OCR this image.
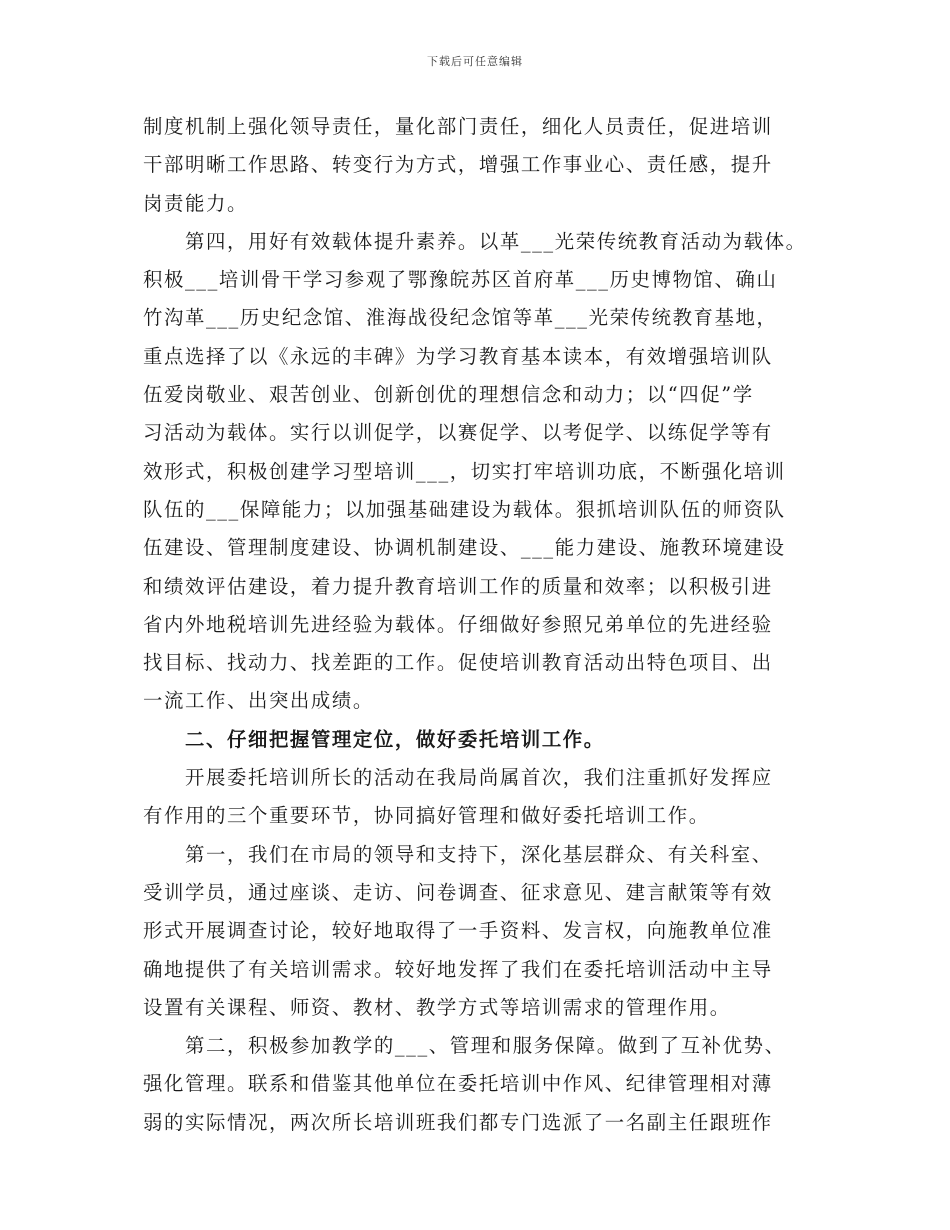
下载后可任意编辑

制度机制上强化领导责任，量化部门责任，细化人员责任，促进培训
干部明晰工作思路、转变行为方式，增强工作事业心、责任感，提升
岗责能力。

　　第四，用好有效载体提升素养。以革___光荣传统教育活动为载体。
积极___培训骨干学习参观了鄂豫皖苏区首府革___历史博物馆、确山
竹沟革___历史纪念馆、淮海战役纪念馆等革___光荣传统教育基地，
重点选择了以《永远的丰碑》为学习教育基本读本，有效增强培训队
伍爱岗敬业、艰苦创业、创新创优的理想信念和动力；以“四促”学
习活动为载体。实行以训促学，以赛促学、以考促学、以练促学等有
效形式，积极创建学习型培训___，切实打牢培训功底，不断强化培训
队伍的___保障能力；以加强基础建设为载体。狠抓培训队伍的师资队
伍建设、管理制度建设、协调机制建设、___能力建设、施教环境建设
和绩效评估建设，着力提升教育培训工作的质量和效率；以积极引进
省内外地税培训先进经验为载体。仔细做好参照兄弟单位的先进经验
找目标、找动力、找差距的工作。促使培训教育活动出特色项目、出
一流工作、出突出成绩。

　　二、仔细把握管理定位，做好委托培训工作。

　　开展委托培训所长的活动在我局尚属首次，我们注重抓好发挥应
有作用的三个重要环节，协同搞好管理和做好委托培训工作。

　　第一，我们在市局的领导和支持下，深化基层群众、有关科室、
受训学员，通过座谈、走访、问卷调查、征求意见、建言献策等有效
形式开展调查讨论，较好地取得了一手资料、发言权，向施教单位准
确地提供了有关培训需求。较好地发挥了我们在委托培训活动中主导
设置有关课程、师资、教材、教学方式等培训需求的管理作用。

　　第二，积极参加教学的___、管理和服务保障。做到了互补优势、
强化管理。联系和借鉴其他单位在委托培训中作风、纪律管理相对薄
弱的实际情况，两次所长培训班我们都专门选派了一名副主任跟班作
